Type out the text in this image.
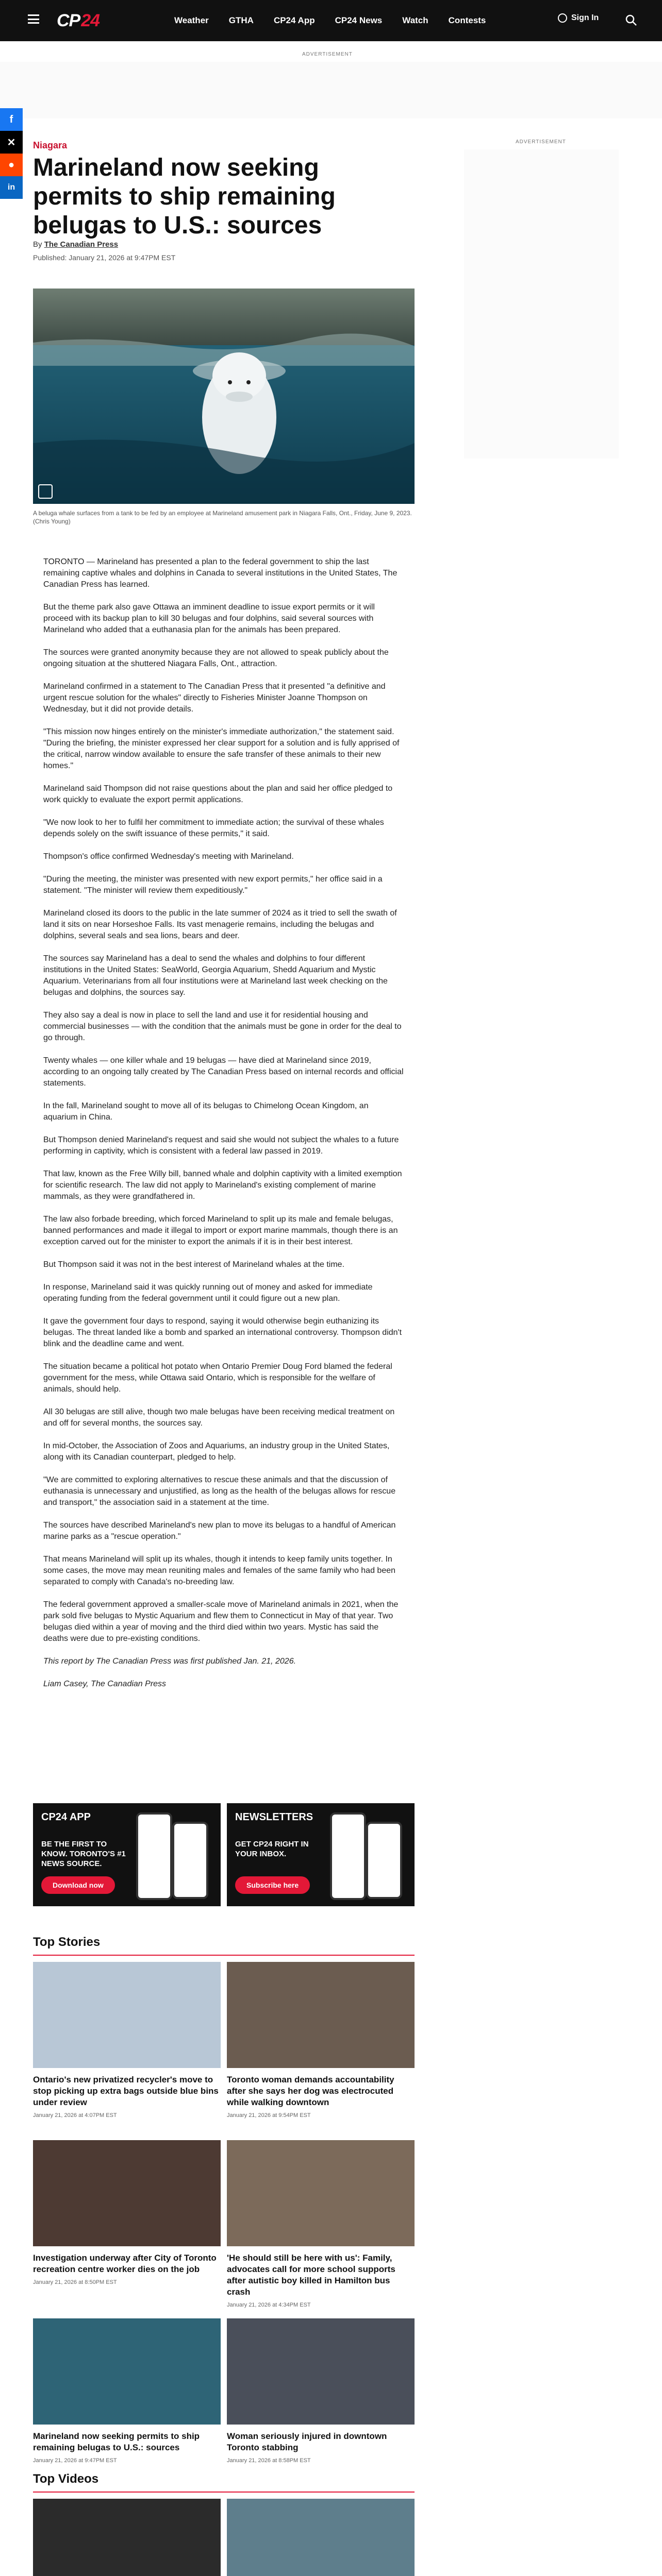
CP 24	Weather GTHA CP24 App CP24 News Watch Contests	Sign In
ADVERTISEMENT
f
✕
●
in
ADVERTISEMENT
Niagara
Marineland now seeking permits to ship remaining belugas to U.S.: sources
By The Canadian Press
Published: January 21, 2026 at 9:47PM EST
A beluga whale surfaces from a tank to be fed by an employee at Marineland amusement park in Niagara Falls, Ont., Friday, June 9, 2023. (Chris Young)

TORONTO — Marineland has presented a plan to the federal government to ship the last remaining captive whales and dolphins in Canada to several institutions in the United States, The Canadian Press has learned.

But the theme park also gave Ottawa an imminent deadline to issue export permits or it will proceed with its backup plan to kill 30 belugas and four dolphins, said several sources with Marineland who added that a euthanasia plan for the animals has been prepared.

The sources were granted anonymity because they are not allowed to speak publicly about the ongoing situation at the shuttered Niagara Falls, Ont., attraction.

Marineland confirmed in a statement to The Canadian Press that it presented "a definitive and urgent rescue solution for the whales" directly to Fisheries Minister Joanne Thompson on Wednesday, but it did not provide details.

"This mission now hinges entirely on the minister's immediate authorization," the statement said. "During the briefing, the minister expressed her clear support for a solution and is fully apprised of the critical, narrow window available to ensure the safe transfer of these animals to their new homes."

Marineland said Thompson did not raise questions about the plan and said her office pledged to work quickly to evaluate the export permit applications.

"We now look to her to fulfil her commitment to immediate action; the survival of these whales depends solely on the swift issuance of these permits," it said.

Thompson's office confirmed Wednesday's meeting with Marineland.

"During the meeting, the minister was presented with new export permits," her office said in a statement. "The minister will review them expeditiously."

Marineland closed its doors to the public in the late summer of 2024 as it tried to sell the swath of land it sits on near Horseshoe Falls. Its vast menagerie remains, including the belugas and dolphins, several seals and sea lions, bears and deer.

The sources say Marineland has a deal to send the whales and dolphins to four different institutions in the United States: SeaWorld, Georgia Aquarium, Shedd Aquarium and Mystic Aquarium. Veterinarians from all four institutions were at Marineland last week checking on the belugas and dolphins, the sources say.

They also say a deal is now in place to sell the land and use it for residential housing and commercial businesses — with the condition that the animals must be gone in order for the deal to go through.

Twenty whales — one killer whale and 19 belugas — have died at Marineland since 2019, according to an ongoing tally created by The Canadian Press based on internal records and official statements.

In the fall, Marineland sought to move all of its belugas to Chimelong Ocean Kingdom, an aquarium in China.

But Thompson denied Marineland's request and said she would not subject the whales to a future performing in captivity, which is consistent with a federal law passed in 2019.

That law, known as the Free Willy bill, banned whale and dolphin captivity with a limited exemption for scientific research. The law did not apply to Marineland's existing complement of marine mammals, as they were grandfathered in.

The law also forbade breeding, which forced Marineland to split up its male and female belugas, banned performances and made it illegal to import or export marine mammals, though there is an exception carved out for the minister to export the animals if it is in their best interest.

But Thompson said it was not in the best interest of Marineland whales at the time.

In response, Marineland said it was quickly running out of money and asked for immediate operating funding from the federal government until it could figure out a new plan.

It gave the government four days to respond, saying it would otherwise begin euthanizing its belugas. The threat landed like a bomb and sparked an international controversy. Thompson didn't blink and the deadline came and went.

The situation became a political hot potato when Ontario Premier Doug Ford blamed the federal government for the mess, while Ottawa said Ontario, which is responsible for the welfare of animals, should help.

All 30 belugas are still alive, though two male belugas have been receiving medical treatment on and off for several months, the sources say.

In mid-October, the Association of Zoos and Aquariums, an industry group in the United States, along with its Canadian counterpart, pledged to help.

"We are committed to exploring alternatives to rescue these animals and that the discussion of euthanasia is unnecessary and unjustified, as long as the health of the belugas allows for rescue and transport," the association said in a statement at the time.

The sources have described Marineland's new plan to move its belugas to a handful of American marine parks as a "rescue operation."

That means Marineland will split up its whales, though it intends to keep family units together. In some cases, the move may mean reuniting males and females of the same family who had been separated to comply with Canada's no-breeding law.

The federal government approved a smaller-scale move of Marineland animals in 2021, when the park sold five belugas to Mystic Aquarium and flew them to Connecticut in May of that year. Two belugas died within a year of moving and the third died within two years. Mystic has said the deaths were due to pre-existing conditions.

This report by The Canadian Press was first published Jan. 21, 2026.

Liam Casey, The Canadian Press

CP24 APP
BE THE FIRST TO KNOW. TORONTO'S #1 NEWS SOURCE.
Download now
NEWSLETTERS
GET CP24 RIGHT IN YOUR INBOX.
Subscribe here
Top Stories
Ontario's new privatized recycler's move to stop picking up extra bags outside blue bins under review
January 21, 2026 at 4:07PM EST
Toronto woman demands accountability after she says her dog was electrocuted while walking downtown
January 21, 2026 at 9:54PM EST
Investigation underway after City of Toronto recreation centre worker dies on the job
January 21, 2026 at 8:50PM EST
'He should still be here with us': Family, advocates call for more school supports after autistic boy killed in Hamilton bus crash
January 21, 2026 at 4:34PM EST
Marineland now seeking permits to ship remaining belugas to U.S.: sources
January 21, 2026 at 9:47PM EST
Woman seriously injured in downtown Toronto stabbing
January 21, 2026 at 8:58PM EST
Top Videos
